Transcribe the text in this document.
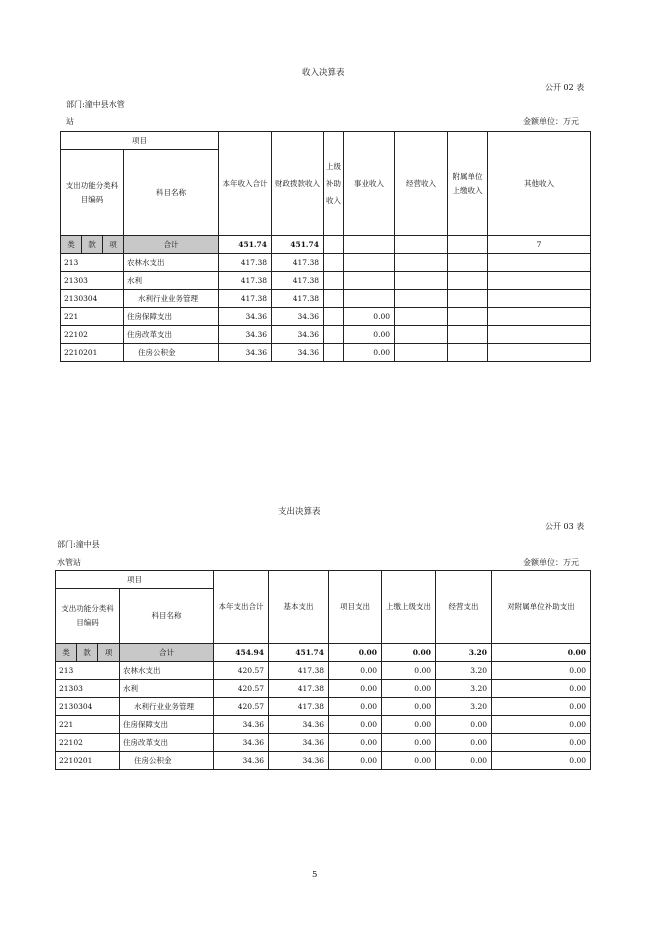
收入决算表
公开 02 表
部门:潼中县水管
站	金额单位：万元
项目				本年收入合计	财政拨款收入	上级补助收入	事业收入	经营收入	附属单位上缴收入	其他收入
支出功能分类科目编码			科目名称							
类	款	项	合计	451.74	451.74					7
213			农林水支出	417.38	417.38					
21303			水利	417.38	417.38					
2130304			水利行业业务管理	417.38	417.38					
221			住房保障支出	34.36	34.36		0.00			
22102			住房改革支出	34.36	34.36		0.00			
2210201			住房公积金	34.36	34.36		0.00			
支出决算表
公开 03 表
部门:潼中县
水管站	金额单位：万元
项目				本年支出合计	基本支出	项目支出	上缴上级支出	经营支出	对附属单位补助支出
支出功能分类科目编码			科目名称						
类	款	项	合计	454.94	451.74	0.00	0.00	3.20	0.00
213			农林水支出	420.57	417.38	0.00	0.00	3.20	0.00
21303			水利	420.57	417.38	0.00	0.00	3.20	0.00
2130304			水利行业业务管理	420.57	417.38	0.00	0.00	3.20	0.00
221			住房保障支出	34.36	34.36	0.00	0.00	0.00	0.00
22102			住房改革支出	34.36	34.36	0.00	0.00	0.00	0.00
2210201			住房公积金	34.36	34.36	0.00	0.00	0.00	0.00
5
